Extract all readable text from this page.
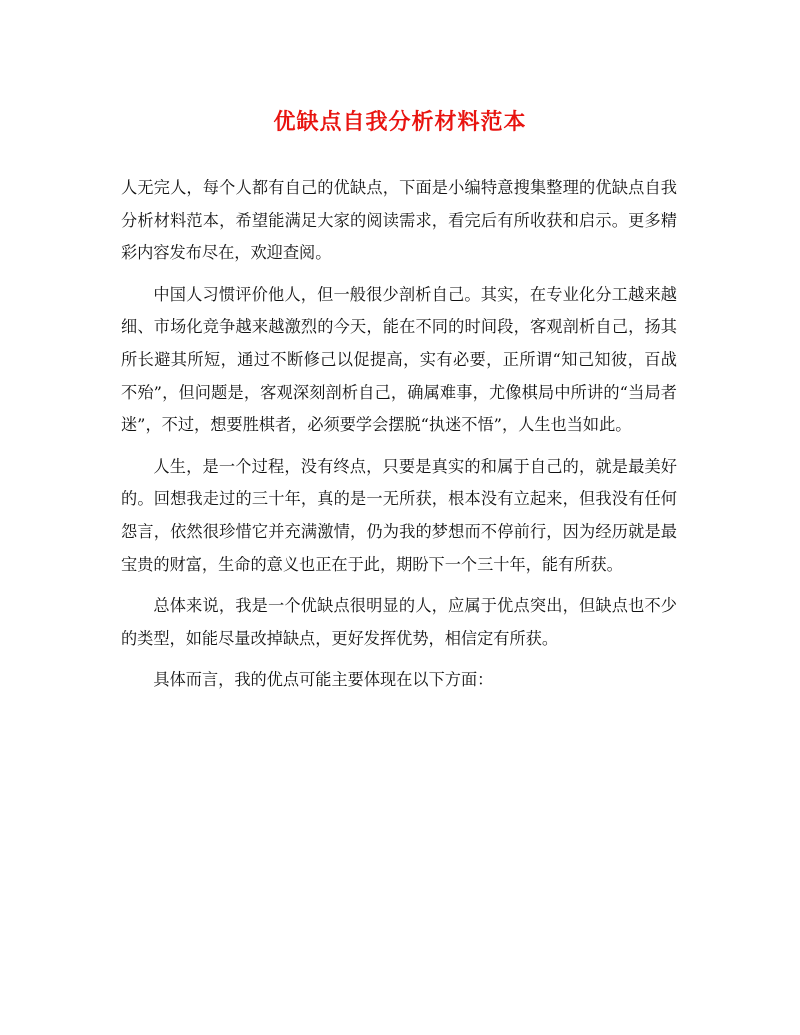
优缺点自我分析材料范本

人无完人，每个人都有自己的优缺点，下面是小编特意搜集整理的优缺点自我分析材料范本，希望能满足大家的阅读需求，看完后有所收获和启示。更多精彩内容发布尽在，欢迎查阅。

中国人习惯评价他人，但一般很少剖析自己。其实，在专业化分工越来越细、市场化竞争越来越激烈的今天，能在不同的时间段，客观剖析自己，扬其所长避其所短，通过不断修己以促提高，实有必要，正所谓“知己知彼，百战不殆”，但问题是，客观深刻剖析自己，确属难事，尤像棋局中所讲的“当局者迷”，不过，想要胜棋者，必须要学会摆脱“执迷不悟”，人生也当如此。

人生，是一个过程，没有终点，只要是真实的和属于自己的，就是最美好的。回想我走过的三十年，真的是一无所获，根本没有立起来，但我没有任何怨言，依然很珍惜它并充满激情，仍为我的梦想而不停前行，因为经历就是最宝贵的财富，生命的意义也正在于此，期盼下一个三十年，能有所获。

总体来说，我是一个优缺点很明显的人，应属于优点突出，但缺点也不少的类型，如能尽量改掉缺点，更好发挥优势，相信定有所获。

具体而言，我的优点可能主要体现在以下方面：
